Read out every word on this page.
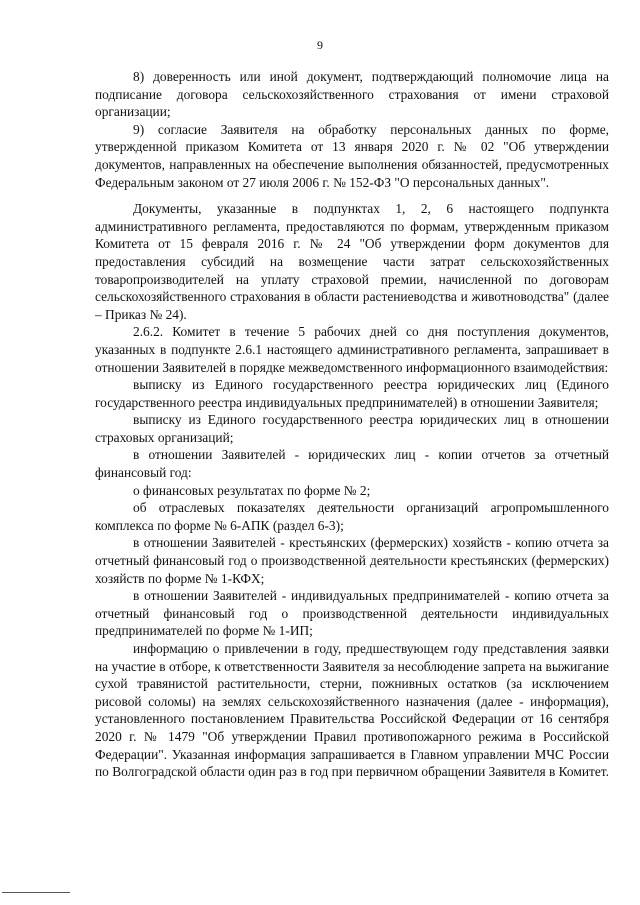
9

8) доверенность или иной документ, подтверждающий полномочие лица на подписание договора сельскохозяйственного страхования от имени страховой организации;

9) согласие Заявителя на обработку персональных данных по форме, утвержденной приказом Комитета от 13 января 2020 г. № 02 "Об утверждении документов, направленных на обеспечение выполнения обязанностей, предусмотренных Федеральным законом от 27 июля 2006 г. № 152-ФЗ "О персональных данных".

Документы, указанные в подпунктах 1, 2, 6 настоящего подпункта административного регламента, предоставляются по формам, утвержденным приказом Комитета от 15 февраля 2016 г. № 24 "Об утверждении форм документов для предоставления субсидий на возмещение части затрат сельскохозяйственных товаропроизводителей на уплату страховой премии, начисленной по договорам сельскохозяйственного страхования в области растениеводства и животноводства" (далее – Приказ № 24).

2.6.2. Комитет в течение 5 рабочих дней со дня поступления документов, указанных в подпункте 2.6.1 настоящего административного регламента, запрашивает в отношении Заявителей в порядке межведомственного информационного взаимодействия:

выписку из Единого государственного реестра юридических лиц (Единого государственного реестра индивидуальных предпринимателей) в отношении Заявителя;

выписку из Единого государственного реестра юридических лиц в отношении страховых организаций;

в отношении Заявителей - юридических лиц - копии отчетов за отчетный финансовый год:

о финансовых результатах по форме № 2;

об отраслевых показателях деятельности организаций агропромышленного комплекса по форме № 6-АПК (раздел 6-3);

в отношении Заявителей - крестьянских (фермерских) хозяйств - копию отчета за отчетный финансовый год о производственной деятельности крестьянских (фермерских) хозяйств по форме № 1-КФХ;

в отношении Заявителей - индивидуальных предпринимателей - копию отчета за отчетный финансовый год о производственной деятельности индивидуальных предпринимателей по форме № 1-ИП;

информацию о привлечении в году, предшествующем году представления заявки на участие в отборе, к ответственности Заявителя за несоблюдение запрета на выжигание сухой травянистой растительности, стерни, пожнивных остатков (за исключением рисовой соломы) на землях сельскохозяйственного назначения (далее - информация), установленного постановлением Правительства Российской Федерации от 16 сентября 2020 г. № 1479 "Об утверждении Правил противопожарного режима в Российской Федерации". Указанная информация запрашивается в Главном управлении МЧС России по Волгоградской области один раз в год при первичном обращении Заявителя в Комитет.
